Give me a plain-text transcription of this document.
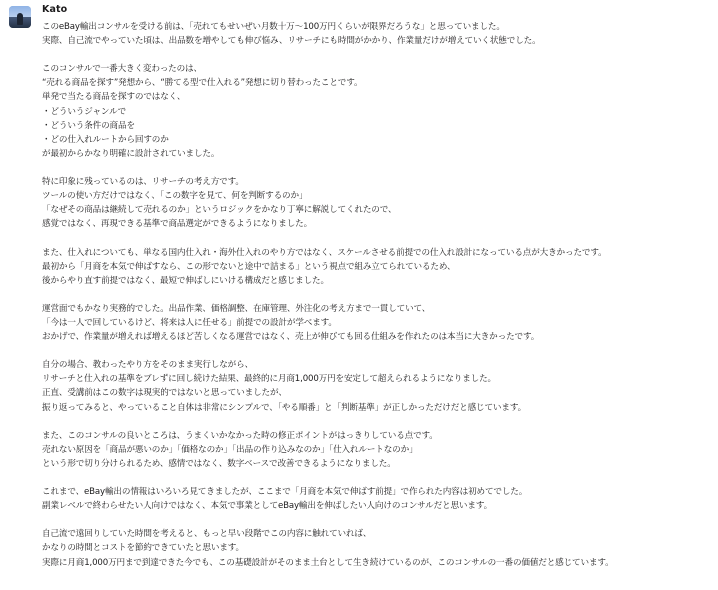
Kato
このeBay輸出コンサルを受ける前は、「売れてもせいぜい月数十万〜100万円くらいが限界だろうな」と思っていました。
実際、自己流でやっていた頃は、出品数を増やしても伸び悩み、リサーチにも時間がかかり、作業量だけが増えていく状態でした。
このコンサルで一番大きく変わったのは、
“売れる商品を探す”発想から、“勝てる型で仕入れる”発想に切り替わったことです。
単発で当たる商品を探すのではなく、
・どういうジャンルで
・どういう条件の商品を
・どの仕入れルートから回すのか
が最初からかなり明確に設計されていました。
特に印象に残っているのは、リサーチの考え方です。
ツールの使い方だけではなく、「この数字を見て、何を判断するのか」
「なぜその商品は継続して売れるのか」というロジックをかなり丁寧に解説してくれたので、
感覚ではなく、再現できる基準で商品選定ができるようになりました。
また、仕入れについても、単なる国内仕入れ・海外仕入れのやり方ではなく、スケールさせる前提での仕入れ設計になっている点が大きかったです。
最初から「月商を本気で伸ばすなら、この形でないと途中で詰まる」という視点で組み立てられているため、
後からやり直す前提ではなく、最短で伸ばしにいける構成だと感じました。
運営面でもかなり実務的でした。出品作業、価格調整、在庫管理、外注化の考え方まで一貫していて、
「今は一人で回しているけど、将来は人に任せる」前提での設計が学べます。
おかげで、作業量が増えれば増えるほど苦しくなる運営ではなく、売上が伸びても回る仕組みを作れたのは本当に大きかったです。
自分の場合、教わったやり方をそのまま実行しながら、
リサーチと仕入れの基準をブレずに回し続けた結果、最終的に月商1,000万円を安定して超えられるようになりました。
正直、受講前はこの数字は現実的ではないと思っていましたが、
振り返ってみると、やっていること自体は非常にシンプルで、「やる順番」と「判断基準」が正しかっただけだと感じています。
また、このコンサルの良いところは、うまくいかなかった時の修正ポイントがはっきりしている点です。
売れない原因を「商品が悪いのか」「価格なのか」「出品の作り込みなのか」「仕入れルートなのか」
という形で切り分けられるため、感情ではなく、数字ベースで改善できるようになりました。
これまで、eBay輸出の情報はいろいろ見てきましたが、ここまで「月商を本気で伸ばす前提」で作られた内容は初めてでした。
副業レベルで終わらせたい人向けではなく、本気で事業としてeBay輸出を伸ばしたい人向けのコンサルだと思います。
自己流で遠回りしていた時間を考えると、もっと早い段階でこの内容に触れていれば、
かなりの時間とコストを節約できていたと思います。
実際に月商1,000万円まで到達できた今でも、この基礎設計がそのまま土台として生き続けているのが、このコンサルの一番の価値だと感じています。
